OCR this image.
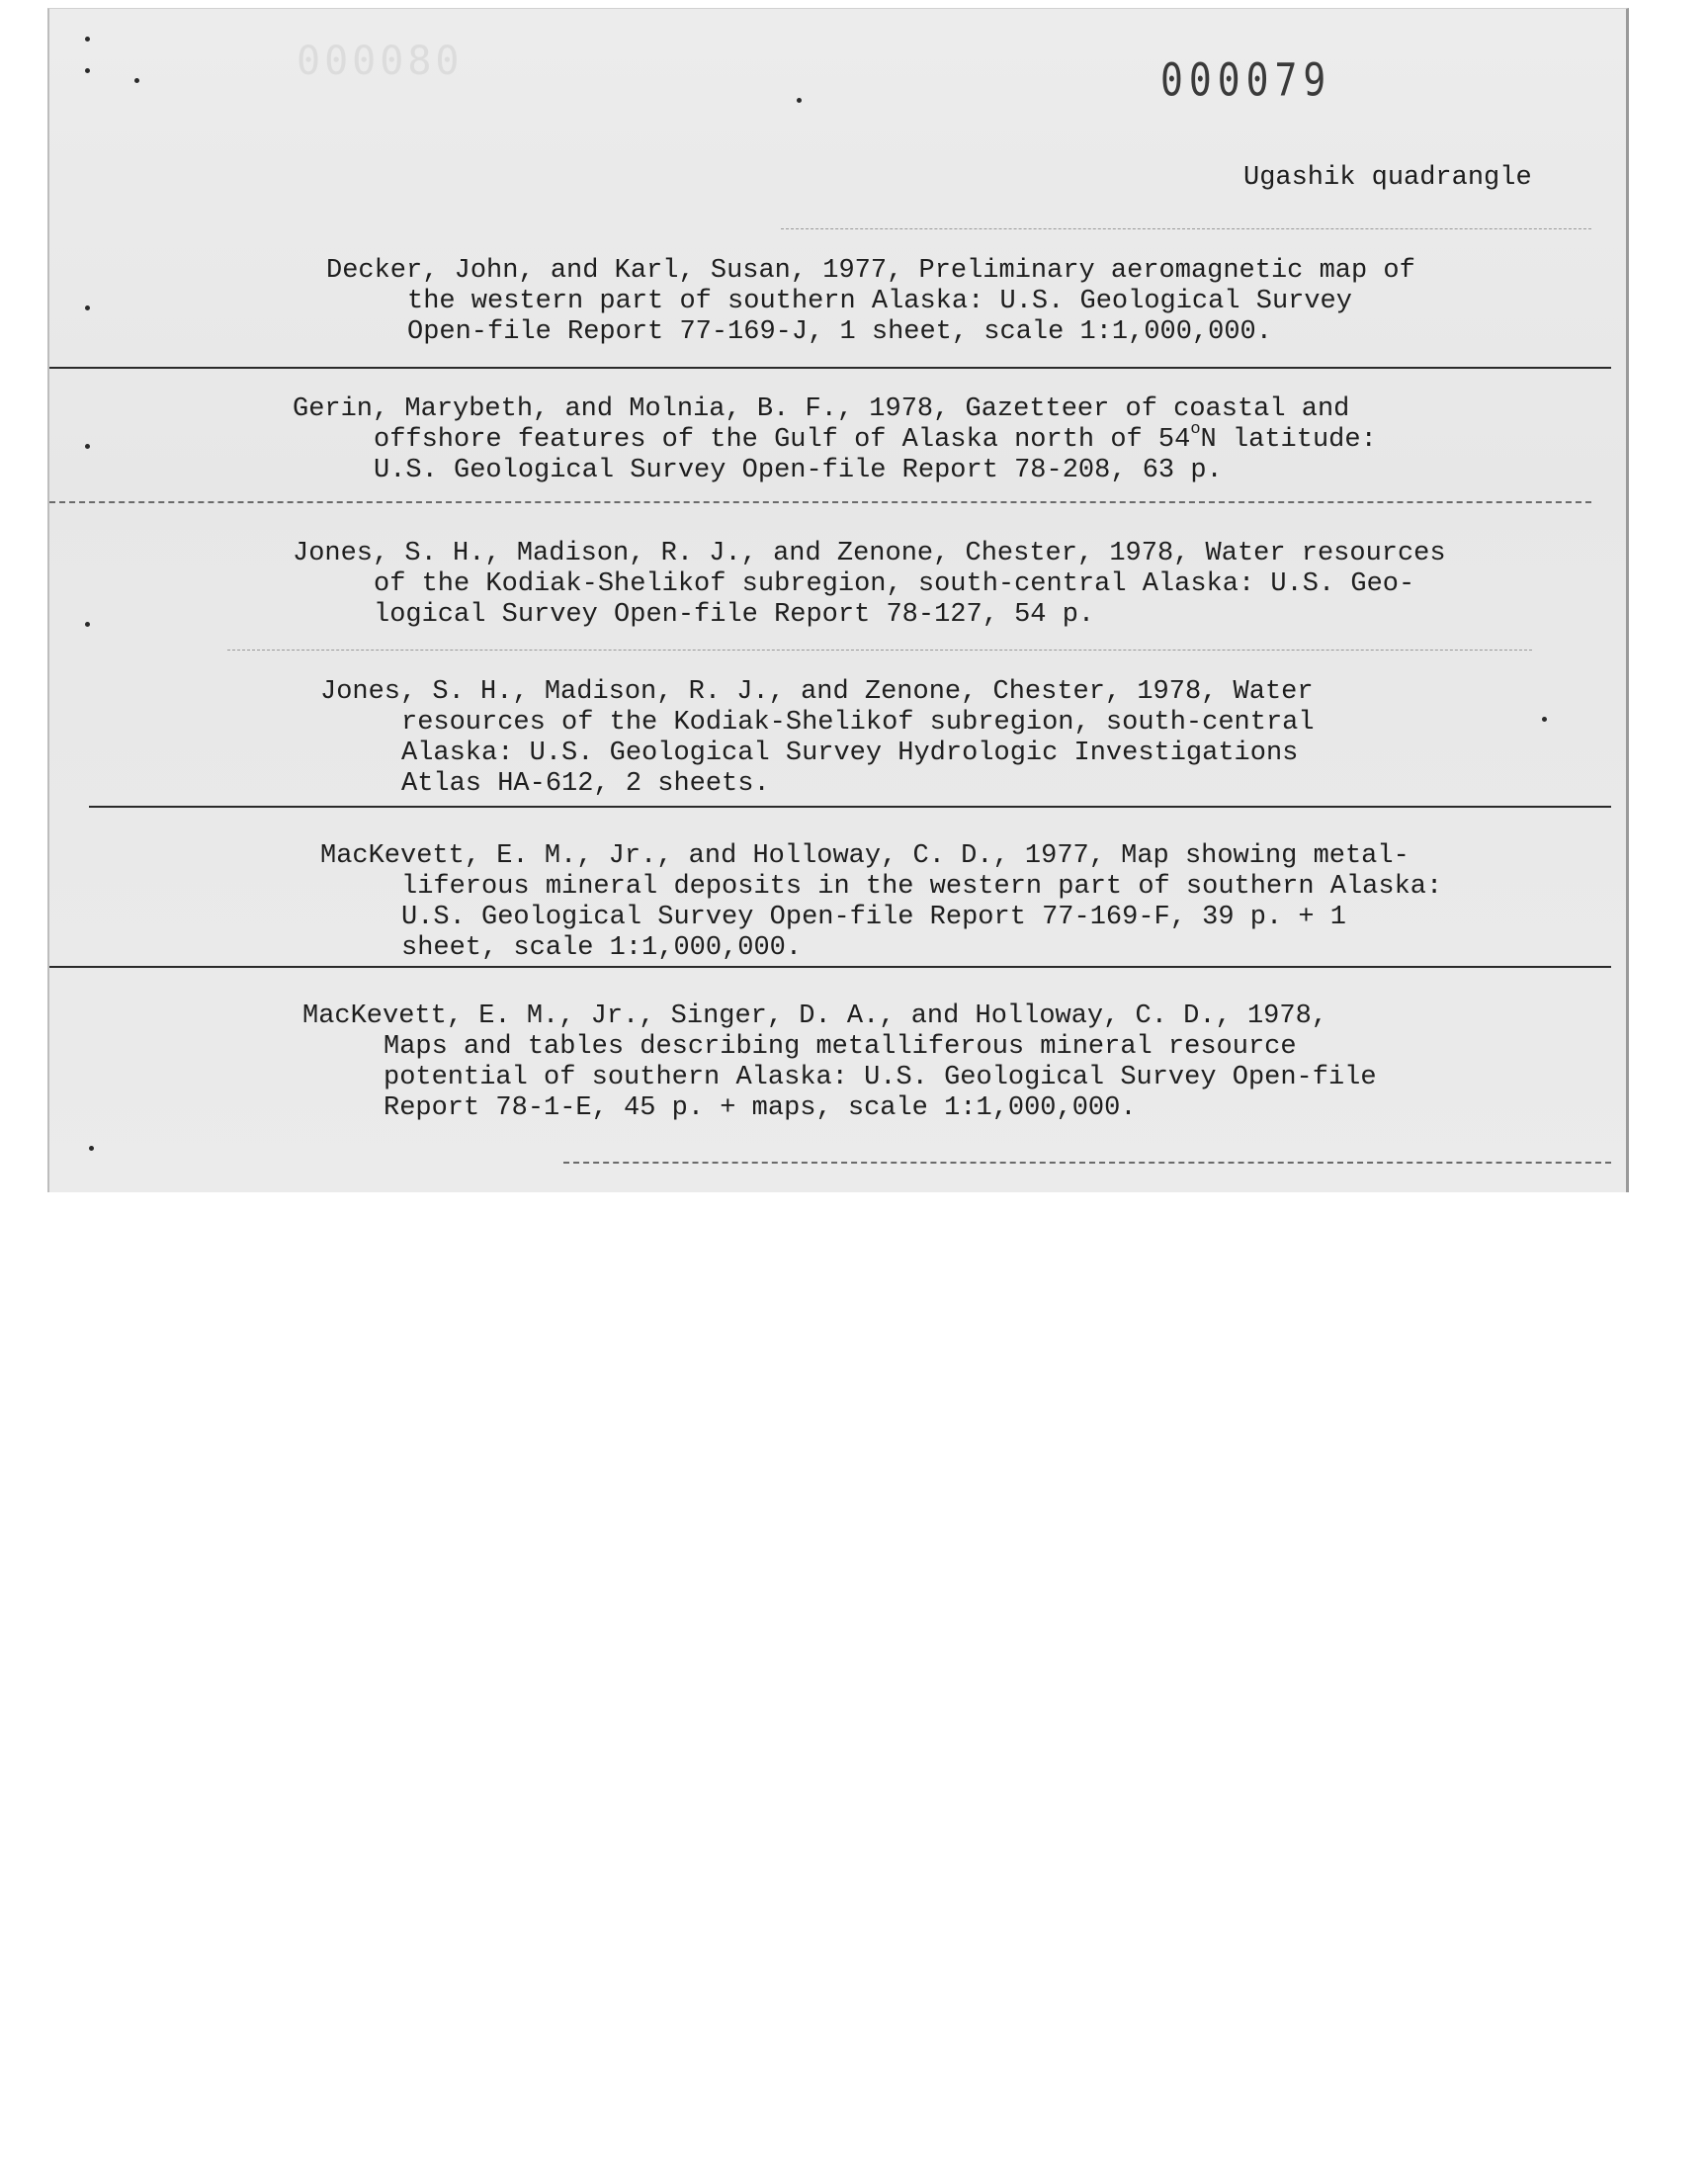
000080	000079
Ugashik quadrangle
Decker, John, and Karl, Susan, 1977, Preliminary aeromagnetic map of
the western part of southern Alaska: U.S. Geological Survey
Open-file Report 77-169-J, 1 sheet, scale 1:1,000,000.
Gerin, Marybeth, and Molnia, B. F., 1978, Gazetteer of coastal and
offshore features of the Gulf of Alaska north of 54$^o$N latitude:
U.S. Geological Survey Open-file Report 78-208, 63 p.
Jones, S. H., Madison, R. J., and Zenone, Chester, 1978, Water resources
of the Kodiak-Shelikof subregion, south-central Alaska: U.S. Geo-
logical Survey Open-file Report 78-127, 54 p.
Jones, S. H., Madison, R. J., and Zenone, Chester, 1978, Water
resources of the Kodiak-Shelikof subregion, south-central
Alaska: U.S. Geological Survey Hydrologic Investigations
Atlas HA-612, 2 sheets.
MacKevett, E. M., Jr., and Holloway, C. D., 1977, Map showing metal-
liferous mineral deposits in the western part of southern Alaska:
U.S. Geological Survey Open-file Report 77-169-F, 39 p. + 1
sheet, scale 1:1,000,000.
MacKevett, E. M., Jr., Singer, D. A., and Holloway, C. D., 1978,
Maps and tables describing metalliferous mineral resource
potential of southern Alaska: U.S. Geological Survey Open-file
Report 78-1-E, 45 p. + maps, scale 1:1,000,000.
